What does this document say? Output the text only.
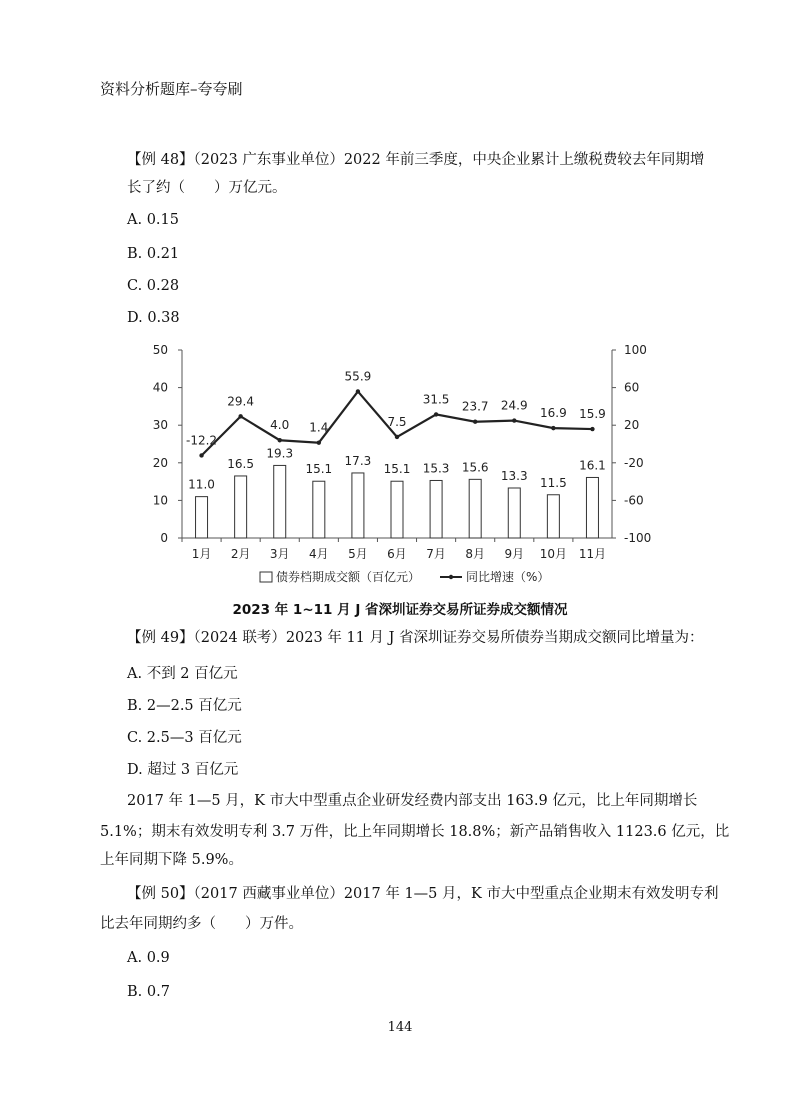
资料分析题库–夸夸刷
【例 48】（2023 广东事业单位）2022 年前三季度，中央企业累计上缴税费较去年同期增
长了约（　　）万亿元。
A. 0.15
B. 0.21
C. 0.28
D. 0.38
0
10
20
30
40
50
-100
-60
-20
20
60
100
11.0
16.5
19.3
15.1
17.3
15.1 15.3 15.6
13.3 11.5
16.1
1月 2月 3月 4月 5月 6月 7月 8月 9月 10月 11月
-12.2
29.4
4.0 1.4
55.9
7.5
31.5
23.7 24.9
16.9 15.9
债券档期成交额（百亿元）	同比增速（%）
2023 年 1~11 月 J 省深圳证券交易所证券成交额情况
【例 49】（2024 联考）2023 年 11 月 J 省深圳证券交易所债券当期成交额同比增量为：
A. 不到 2 百亿元
B. 2—2.5 百亿元
C. 2.5—3 百亿元
D. 超过 3 百亿元
2017 年 1—5 月，K 市大中型重点企业研发经费内部支出 163.9 亿元，比上年同期增长
5.1%；期末有效发明专利 3.7 万件，比上年同期增长 18.8%；新产品销售收入 1123.6 亿元，比
上年同期下降 5.9%。
【例 50】（2017 西藏事业单位）2017 年 1—5 月，K 市大中型重点企业期末有效发明专利
比去年同期约多（　　）万件。
A. 0.9
B. 0.7
144
